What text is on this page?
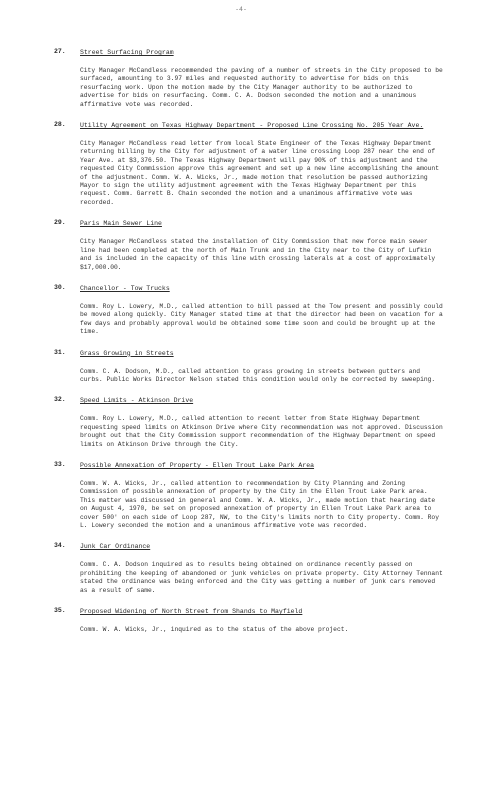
-4-
27. Street Surfacing Program
City Manager McCandless recommended the paving of a number of streets in the City proposed to be surfaced, amounting to 3.97 miles and requested authority to advertise for bids on this resurfacing work. Upon the motion made by the City Manager authority to be authorized to advertise for bids on resurfacing. Comm. C. A. Dodson seconded the motion and a unanimous affirmative vote was recorded.
28. Utility Agreement on Texas Highway Department - Proposed Line Crossing No. 205 Year Ave.
City Manager McCandless read letter from local State Engineer of the Texas Highway Department returning billing by the City for adjustment of a water line crossing Loop 287 near the end of Year Ave. at $3,376.50. The Texas Highway Department will pay 90% of this adjustment and the requested City Commission approve this agreement and set up a new line accomplishing the amount of the adjustment. Comm. W. A. Wicks, Jr., made motion that resolution be passed authorizing Mayor to sign the utility adjustment agreement with the Texas Highway Department per this request. Comm. Garrett B. Chain seconded the motion and a unanimous affirmative vote was recorded.
29. Paris Main Sewer Line
City Manager McCandless stated the installation of City Commission that new force main sewer line had been completed at the north of Main Trunk and in the City near to the City of Lufkin and is included in the capacity of this line with crossing laterals at a cost of approximately $17,000.00.
30. Chancellor - Tow Trucks
Comm. Roy L. Lowery, M.D., called attention to bill passed at the Tow present and possibly could be moved along quickly. City Manager stated time at that the director had been on vacation for a few days and probably approval would be obtained some time soon and could be brought up at the time.
31. Grass Growing in Streets
Comm. C. A. Dodson, M.D., called attention to grass growing in streets between gutters and curbs. Public Works Director Nelson stated this condition would only be corrected by sweeping.
32. Speed Limits - Atkinson Drive
Comm. Roy L. Lowery, M.D., called attention to recent letter from State Highway Department requesting speed limits on Atkinson Drive where City recommendation was not approved. Discussion brought out that the City Commission support recommendation of the Highway Department on speed limits on Atkinson Drive through the City.
33. Possible Annexation of Property - Ellen Trout Lake Park Area
Comm. W. A. Wicks, Jr., called attention to recommendation by City Planning and Zoning Commission of possible annexation of property by the City in the Ellen Trout Lake Park area. This matter was discussed in general and Comm. W. A. Wicks, Jr., made motion that hearing date on August 4, 1970, be set on proposed annexation of property in Ellen Trout Lake Park area to cover 500' on each side of Loop 287, NW, to the City's limits north to City property. Comm. Roy L. Lowery seconded the motion and a unanimous affirmative vote was recorded.
34. Junk Car Ordinance
Comm. C. A. Dodson inquired as to results being obtained on ordinance recently passed on prohibiting the keeping of abandoned or junk vehicles on private property. City Attorney Tennant stated the ordinance was being enforced and the City was getting a number of junk cars removed as a result of same.
35. Proposed Widening of North Street from Shands to Mayfield
Comm. W. A. Wicks, Jr., inquired as to the status of the above project.
